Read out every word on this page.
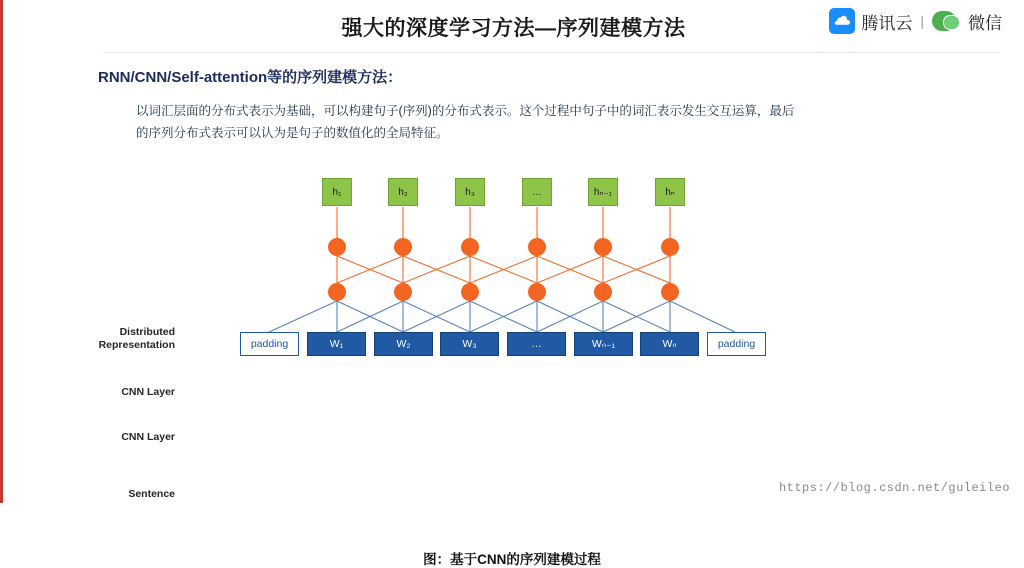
强大的深度学习方法—序列建模方法	腾讯云 |	微信
RNN/CNN/Self-attention等的序列建模方法：
以词汇层面的分布式表示为基础，可以构建句子(序列)的分布式表示。这个过程中句子中的词汇表示发生交互运算，最后的序列分布式表示可以认为是句子的数值化的全局特征。
Distributed
Representation
CNN Layer
CNN Layer
Sentence
h₁	h₂	h₃	…	hₙ₋₁	hₙ
padding	W₁	W₂	W₃	…	Wₙ₋₁	Wₙ	padding
图：基于CNN的序列建模过程
https://blog.csdn.net/guleileo
